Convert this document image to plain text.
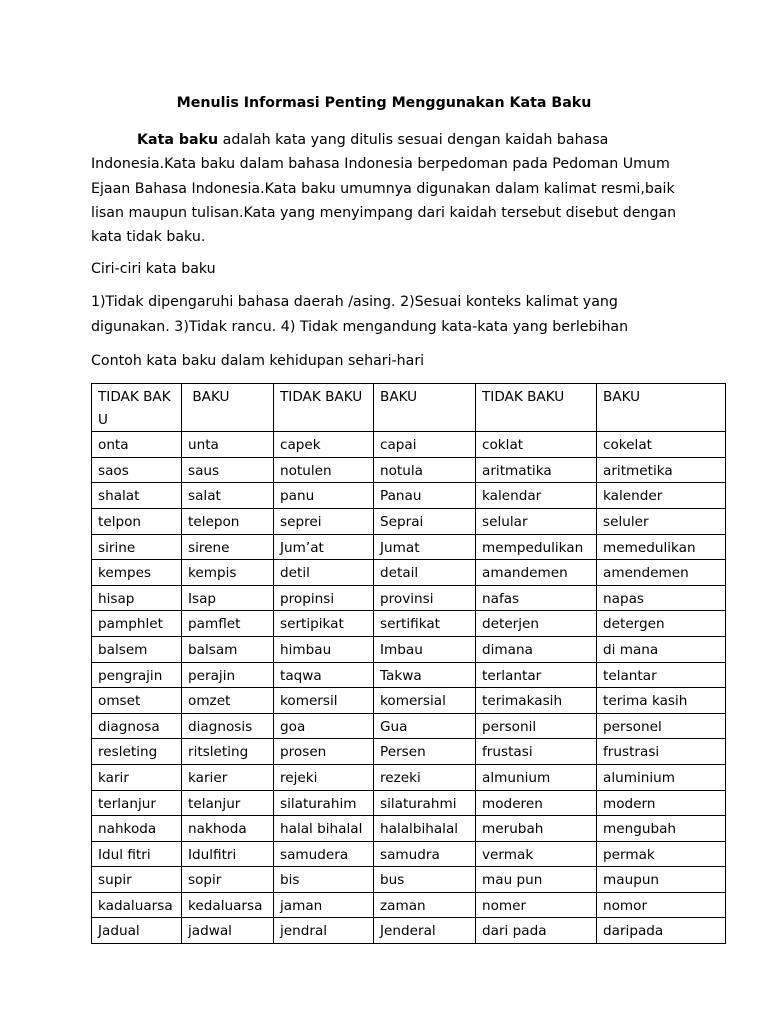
Menulis Informasi Penting Menggunakan Kata Baku
Kata baku adalah kata yang ditulis sesuai dengan kaidah bahasa
Indonesia.Kata baku dalam bahasa Indonesia berpedoman pada Pedoman Umum
Ejaan Bahasa Indonesia.Kata baku umumnya digunakan dalam kalimat resmi,baik
lisan maupun tulisan.Kata yang menyimpang dari kaidah tersebut disebut dengan
kata tidak baku.
Ciri-ciri kata baku
1)Tidak dipengaruhi bahasa daerah /asing. 2)Sesuai konteks kalimat yang
digunakan. 3)Tidak rancu. 4) Tidak mengandung kata-kata yang berlebihan
Contoh kata baku dalam kehidupan sehari-hari
TIDAK BAKU	BAKU	TIDAK BAKU	BAKU	TIDAK BAKU	BAKU
onta	unta	capek	capai	coklat	cokelat
saos	saus	notulen	notula	aritmatika	aritmetika
shalat	salat	panu	Panau	kalendar	kalender
telpon	telepon	seprei	Seprai	selular	seluler
sirine	sirene	Jum’at	Jumat	mempedulikan	memedulikan
kempes	kempis	detil	detail	amandemen	amendemen
hisap	Isap	propinsi	provinsi	nafas	napas
pamphlet	pamflet	sertipikat	sertifikat	deterjen	detergen
balsem	balsam	himbau	Imbau	dimana	di mana
pengrajin	perajin	taqwa	Takwa	terlantar	telantar
omset	omzet	komersil	komersial	terimakasih	terima kasih
diagnosa	diagnosis	goa	Gua	personil	personel
resleting	ritsleting	prosen	Persen	frustasi	frustrasi
karir	karier	rejeki	rezeki	almunium	aluminium
terlanjur	telanjur	silaturahim	silaturahmi	moderen	modern
nahkoda	nakhoda	halal bihalal	halalbihalal	merubah	mengubah
Idul fitri	Idulfitri	samudera	samudra	vermak	permak
supir	sopir	bis	bus	mau pun	maupun
kadaluarsa	kedaluarsa	jaman	zaman	nomer	nomor
Jadual	jadwal	jendral	Jenderal	dari pada	daripada
